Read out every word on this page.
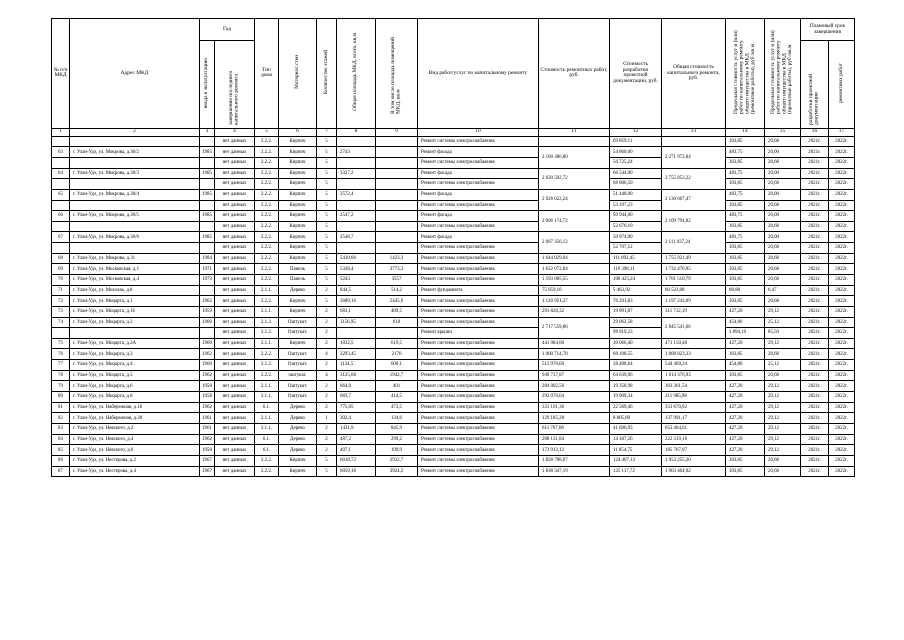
№ п/п МКД	Адрес МКД	Год		Тип дома	Материал стен	Количество этажей	Общая площадь МКД, всего, кв.м	В том числе площадь помещений МКД, кв.м	Вид работ/услуг по капитальному ремонту	Стоимость ремонтных работ, руб.	Стоимость разработки проектной документации, руб.	Общая стоимость капитального ремонта, руб.	Предельная стоимость услуг и (или) работ по капитальному ремонту общего имущества в МКД (ремонтные работы), руб./кв.м	Предельная стоимость услуг и (или) работ по капитальному ремонту общего имущества в МКД (проектные работы), руб./кв.м	Плановый срок завершения	
		ввода в эксплуатацию	завершения последнего капитального ремонта												разработки проектной документации	ремонтных работ
1	2	3	4	5	6	7	8	9	10	11	12	13	14	15	16	17
			нет данных	2.2.2.	Кирпич	5			Ремонт системы электроснабжения		69 859,11		303,85	20,68	2021г.	2022г.
63	г. Улан-Удэ, ул. Мокрова, д.30/2	1985	нет данных	2.2.2.	Кирпич	5	2743		Ремонт фасада	2 160 386,80	54 860,00	2 271 972,04	483,75	20,00	2021г.	2022г.
			нет данных	2.2.2.	Кирпич	5			Ремонт системы электроснабжения		56 725,24		303,85	20,68	2021г.	2022г.
64	г. Улан-Удэ, ул. Мокрова, д.30/3	1985	нет данных	2.2.2.	Кирпич	5	3327,2		Ремонт фасада	2 620 502,72	66 544,00	2 755 853,22	483,75	20,00	2021г.	2022г.
			нет данных	2.2.2.	Кирпич	5			Ремонт системы электроснабжения		68 806,50		303,85	20,68	2021г.	2022г.
65	г. Улан-Удэ, ул. Мокрова, д.30/4	1985	нет данных	2.2.2.	Кирпич	5	2572,4		Ремонт фасада	2 026 022,24	51 448,00	2 130 667,47	483,75	20,00	2021г.	2022г.
			нет данных	2.2.2.	Кирпич	5			Ремонт системы электроснабжения		53 197,23		303,85	20,68	2021г.	2022г.
66	г. Улан-Удэ, ул. Мокрова, д.30/5	1985	нет данных	2.2.2.	Кирпич	5	2547,2		Ремонт фасада	2 006 174,72	50 944,00	2 109 794,82	483,75	20,00	2021г.	2022г.
			нет данных	2.2.2.	Кирпич	5			Ремонт системы электроснабжения		52 676,10		303,85	20,68	2021г.	2022г.
67	г. Улан-Удэ, ул. Мокрова, д.30/6	1985	нет данных	2.2.2.	Кирпич	5	2548,7		Ремонт фасада	2 007 356,12	50 974,00	2 111 037,24	483,75	20,00	2021г.	2022г.
			нет данных	2.2.2.	Кирпич	5			Ремонт системы электроснабжения		52 707,12		303,85	20,68	2021г.	2022г.
68	г. Улан-Удэ, ул. Мокрова, д.31	1984	нет данных	2.2.2.	Кирпич	5	5410,66	1423,3	Ремонт системы электроснабжения	1 644 029,04	111 892,45	1 755 921,49	303,85	20,68	2021г.	2022г.
69	г. Улан-Удэ, ул. Московская, д.1	1971	нет данных	2.2.2.	Панель	5	5338,4	3773,3	Ремонт системы электроснабжения	1 622 072,84	110 398,11	1 732 470,95	303,85	20,68	2021г.	2022г.
70	г. Улан-Удэ, ул. Московская, д.4	1973	нет данных	2.2.2.	Панель	5	5243	3557	Ремонт системы электроснабжения	1 593 085,55	108 425,24	1 701 510,79	303,85	20,68	2021г.	2022г.
71	г. Улан-Удэ, ул. Мохолак, д.8		нет данных	2.1.1.	Дерево	2	844,5	514,2	Ремонт фундамента	75 059,16	5 463,92	80 523,08	88,88	6,47	2021г.	2022г.
72	г. Улан-Удэ, ул. Моцарта, д.1	1962	нет данных	2.2.2.	Кирпич	5	3689,16	2445,9	Ремонт системы электроснабжения	1 120 951,27	76 291,83	1 197 243,09	303,85	20,68	2021г.	2022г.
73	г. Улан-Удэ, ул. Моцарта, д.16	1959	нет данных	2.1.1.	Кирпич	2	683,1	409,5	Ремонт системы электроснабжения	291 820,32	19 891,87	311 712,19	427,20	29,12	2021г.	2022г.
74	г. Улан-Удэ, ул. Моцарта, д.2	1960	нет данных	2.1.2.	Оштукат.	2	1156,95	610	Ремонт системы электроснабжения	2 717 559,86	29 062,58	2 845 541,66	454,80	25,12	2021г.	2022г.
			нет данных	2.1.2.	Оштукат.	2			Ремонт крыши		98 919,23		1 894,10	85,50	2021г.	2022г.
75	г. Улан-Удэ, ул. Моцарта, д.2А	1960	нет данных	2.1.1.	Кирпич	2	1032,5	619,5	Ремонт системы электроснабжения	441 084,00	30 066,40	471 150,40	427,20	29,12	2021г.	2022г.
76	г. Улан-Удэ, ул. Моцарта, д.3	1962	нет данных	2.2.2.	Оштукат.	4	3293,45	2176	Ремонт системы электроснабжения	1 000 714,78	68 108,55	1 068 823,33	303,85	20,68	2021г.	2022г.
77	г. Улан-Удэ, ул. Моцарта, д.4	1960	нет данных	2.1.2.	Оштукат.	2	1134,5	600,1	Ремонт системы электроснабжения	515 970,60	28 498,64	544 469,24	454,80	25,12	2021г.	2022г.
78	г. Улан-Удэ, ул. Моцарта, д.5	1962	нет данных	2.2.2.	оштукат.	4	3125,68	1942,7	Ремонт системы электроснабжения	949 737,87	64 639,06	1 014 376,93	303,85	20,68	2021г.	2022г.
79	г. Улан-Удэ, ул. Моцарта, д.6	1958	нет данных	2.1.1.	Оштукат.	2	664,8	401	Ремонт системы электроснабжения	284 002,56	19 358,98	303 361,54	427,20	29,12	2021г.	2022г.
80	г. Улан-Удэ, ул. Моцарта, д.8	1958	нет данных	2.1.1.	Оштукат.	2	683,7	414,5	Ремонт системы электроснабжения	292 076,64	19 909,34	311 985,98	427,20	29,12	2021г.	2022г.
81	г. Улан-Удэ, ул. Набережная, д.18	1962	нет данных	6.1.	Дерево	2	775,05	473,5	Ремонт системы электроснабжения	331 101,36	22 569,46	353 670,82	427,20	29,12	2021г.	2022г.
82	г. Улан-Удэ, ул. Набережная, д.28	1961	нет данных	2.1.1.	Дерево	1	302,4	134,6	Ремонт системы электроснабжения	129 185,28	8 805,89	137 991,17	427,20	29,12	2021г.	2022г.
83	г. Улан-Удэ, ул. Невского, д.2	1961	нет данных	2.1.1.	Дерево	2	1431,9	845,9	Ремонт системы электроснабжения	611 707,68	41 696,93	653 404,61	427,20	29,12	2021г.	2022г.
84	г. Улан-Удэ, ул. Невского, д.4	1962	нет данных	6.1.	Дерево	2	487,2	299,2	Ремонт системы электроснабжения	208 131,84	14 187,26	222 319,10	427,20	29,12	2021г.	2022г.
85	г. Улан-Удэ, ул. Невского, д.6	1958	нет данных	6.1.	Дерево	2	407,1	199,9	Ремонт системы электроснабжения	173 913,12	11 854,75	185 767,87	427,20	29,12	2021г.	2022г.
86	г. Улан-Удэ, ул. Нестерова, д.2	1967	нет данных	2.2.2.	Кирпич	5	6018,72	2932,7	Ремонт системы электроснабжения	1 828 788,07	124 467,13	1 953 255,20	303,85	20,68	2021г.	2022г.
87	г. Улан-Удэ, ул. Нестерова, д.4	1967	нет данных	2.2.2.	Кирпич	5	6050,18	3924,2	Ремонт системы электроснабжения	1 838 347,19	125 117,72	1 963 464,92	303,85	20,68	2021г.	2022г.
